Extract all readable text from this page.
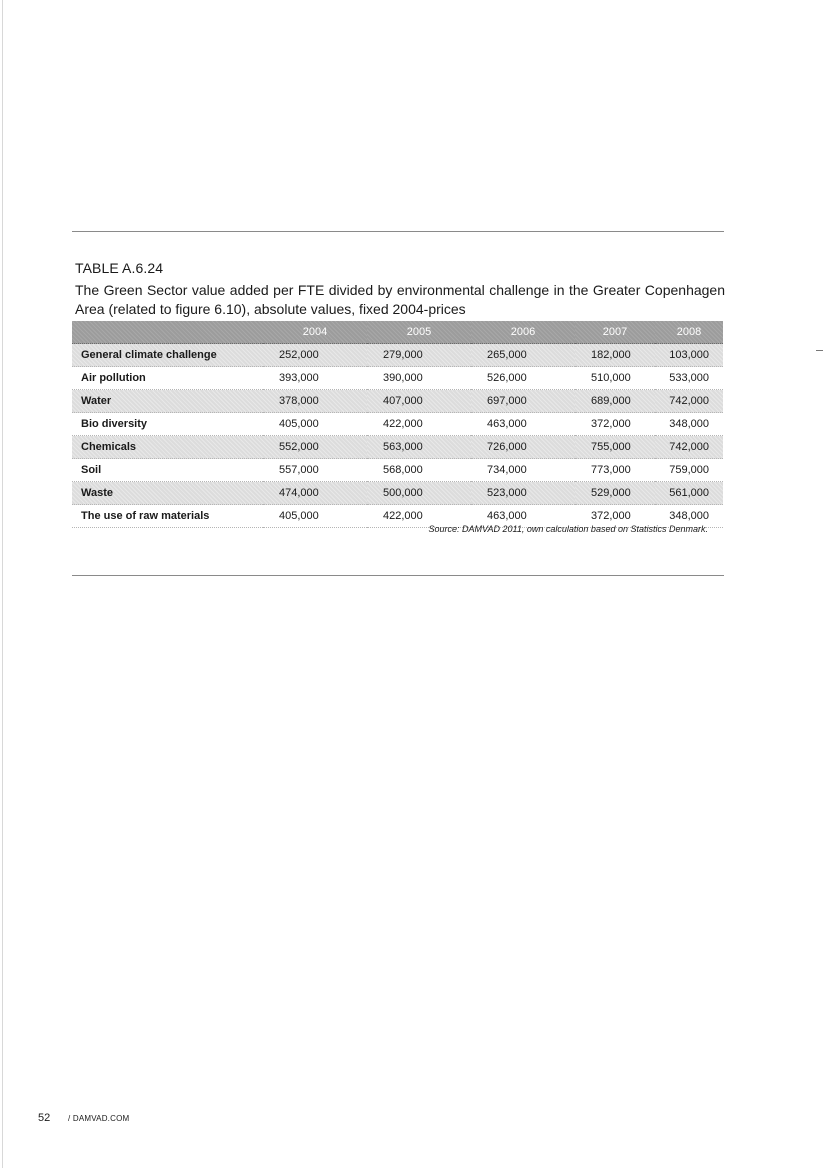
TABLE A.6.24
The Green Sector value added per FTE divided by environmental challenge in the Greater Copenhagen Area (related to figure 6.10), absolute values, fixed 2004-prices
	2004	2005	2006	2007	2008
General climate challenge	252,000	279,000	265,000	182,000	103,000
Air pollution	393,000	390,000	526,000	510,000	533,000
Water	378,000	407,000	697,000	689,000	742,000
Bio diversity	405,000	422,000	463,000	372,000	348,000
Chemicals	552,000	563,000	726,000	755,000	742,000
Soil	557,000	568,000	734,000	773,000	759,000
Waste	474,000	500,000	523,000	529,000	561,000
The use of raw materials	405,000	422,000	463,000	372,000	348,000
Source: DAMVAD 2011, own calculation based on Statistics Denmark.
52 / DAMVAD.COM
